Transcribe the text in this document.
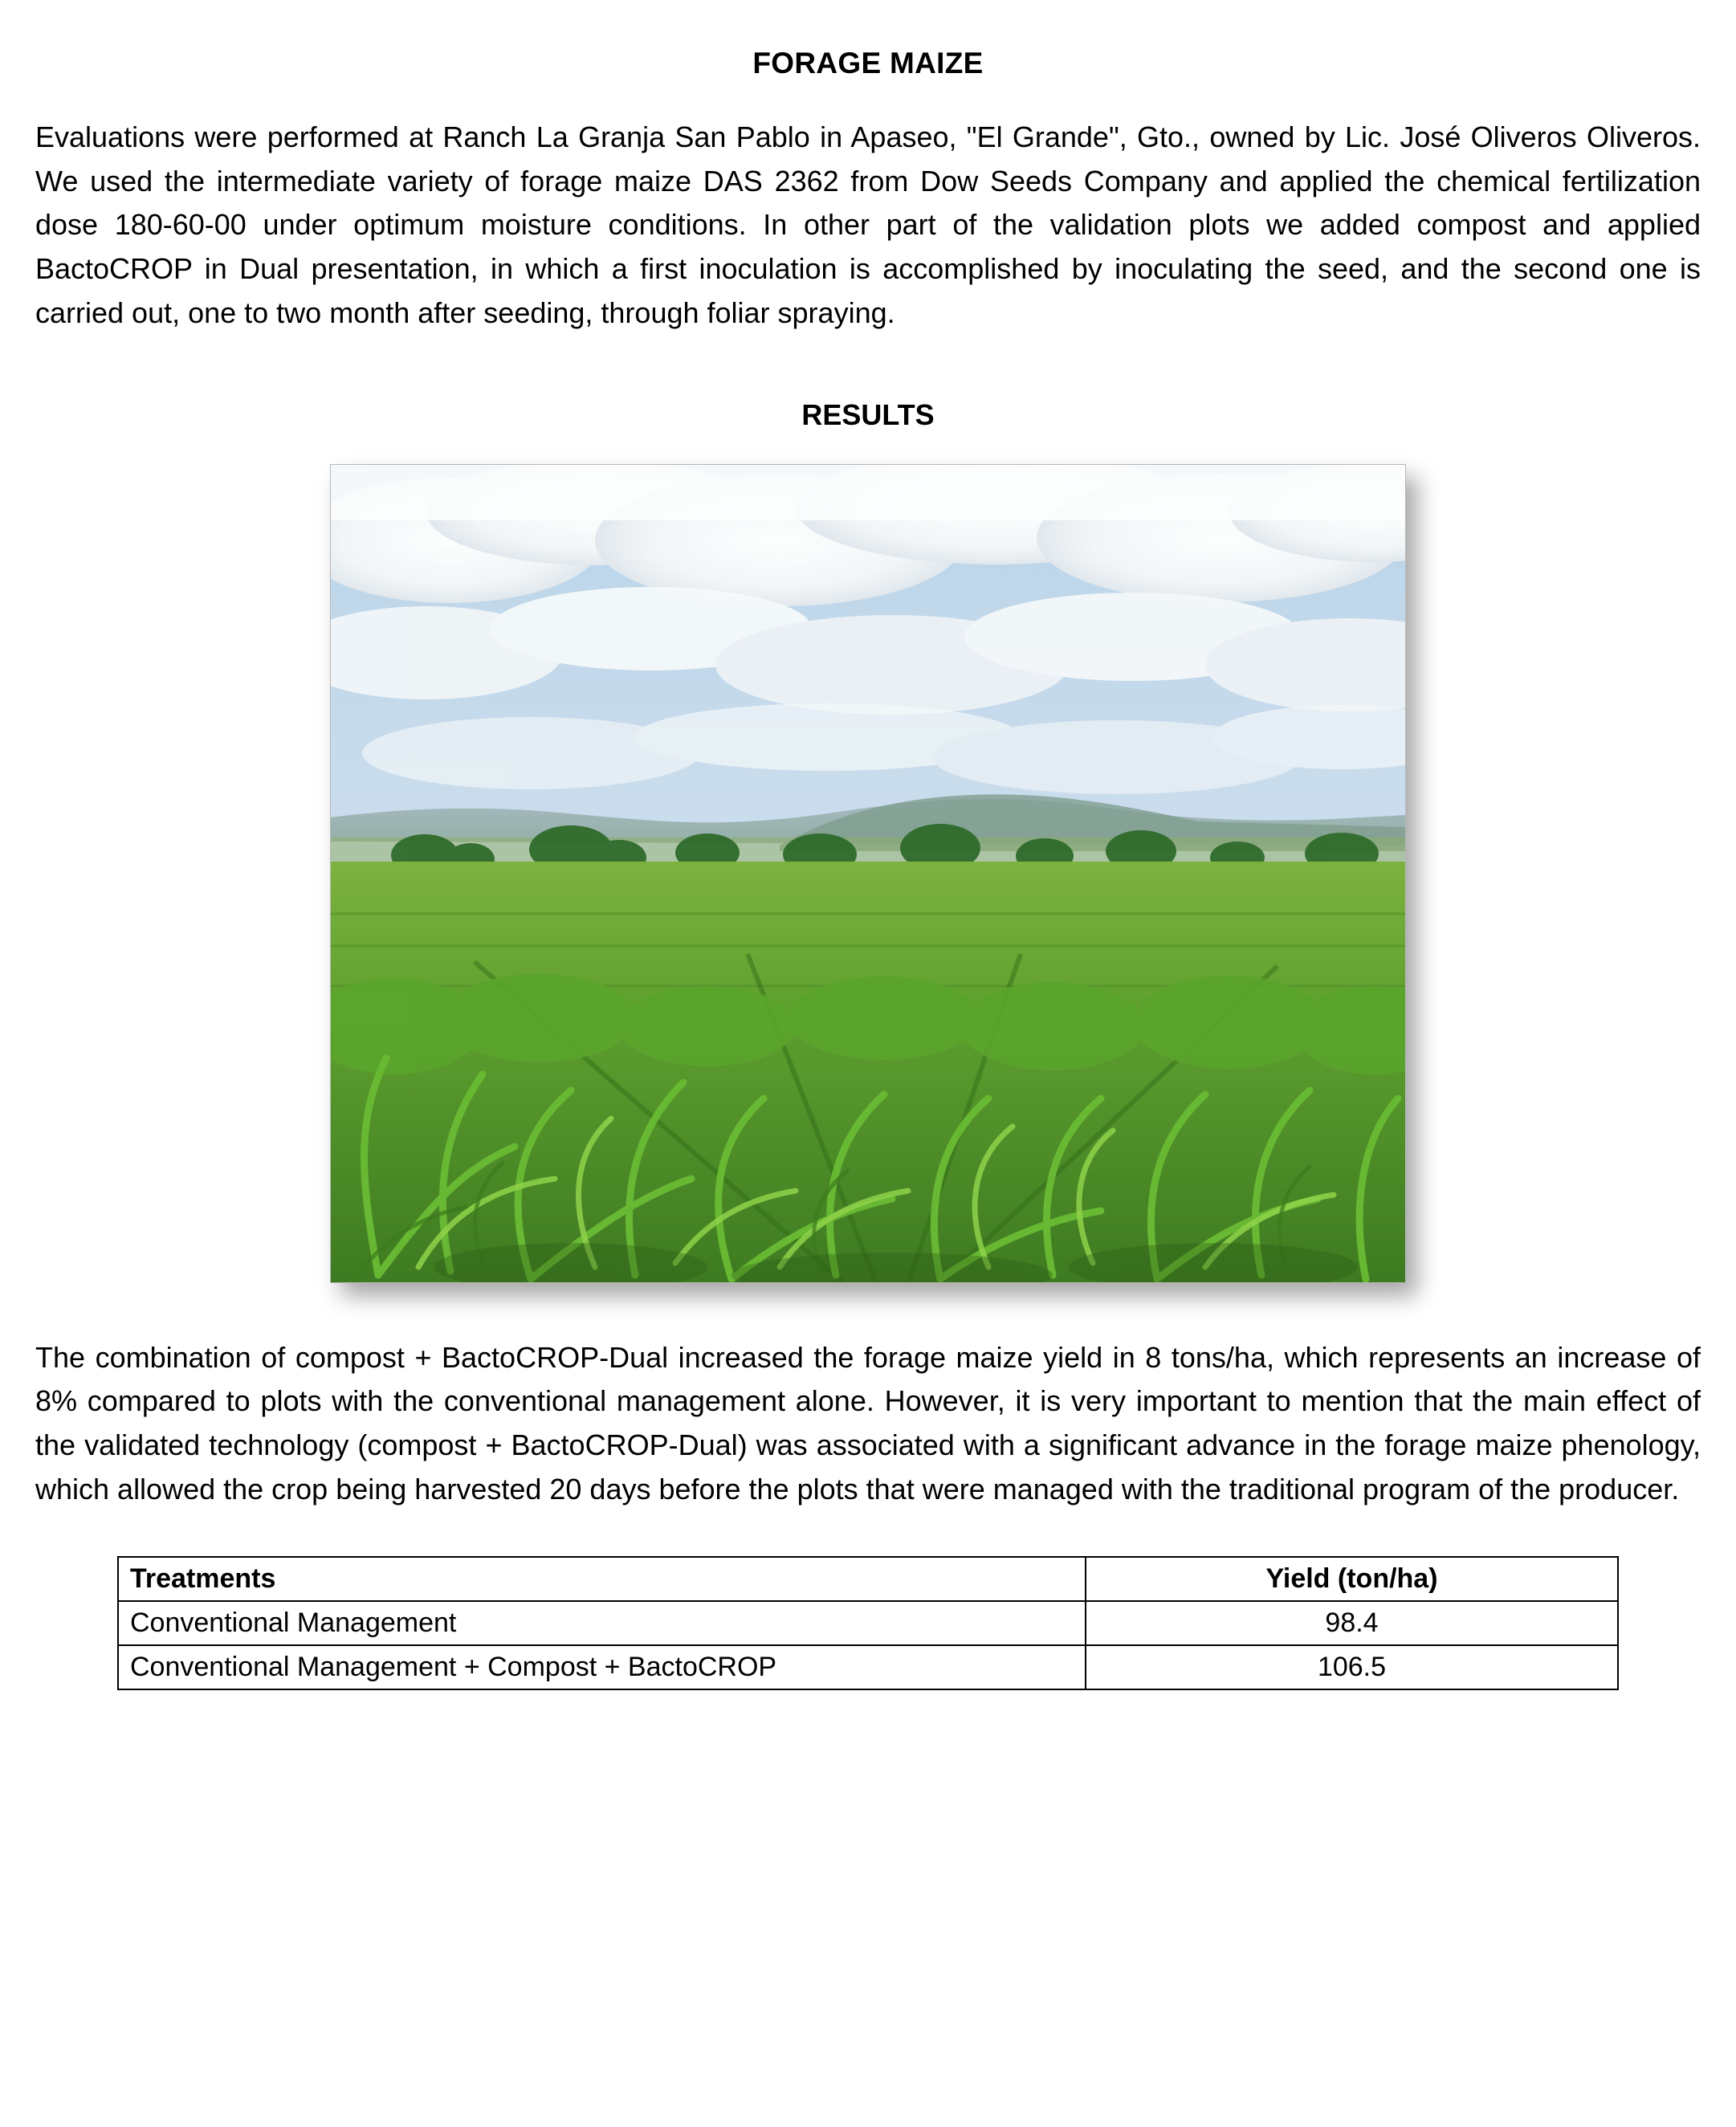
FORAGE MAIZE

Evaluations were performed at Ranch La Granja San Pablo in Apaseo, "El Grande", Gto., owned by Lic. José Oliveros Oliveros. We used the intermediate variety of forage maize DAS 2362 from Dow Seeds Company and applied the chemical fertilization dose 180-60-00 under optimum moisture conditions. In other part of the validation plots we added compost and applied BactoCROP in Dual presentation, in which a first inoculation is accomplished by inoculating the seed, and the second one is carried out, one to two month after seeding, through foliar spraying.

RESULTS

The combination of compost + BactoCROP-Dual increased the forage maize yield in 8 tons/ha, which represents an increase of 8% compared to plots with the conventional management alone. However, it is very important to mention that the main effect of the validated technology (compost + BactoCROP-Dual) was associated with a significant advance in the forage maize phenology, which allowed the crop being harvested 20 days before the plots that were managed with the traditional program of the producer.

Treatments	Yield (ton/ha)
Conventional Management	98.4
Conventional Management + Compost + BactoCROP	106.5
